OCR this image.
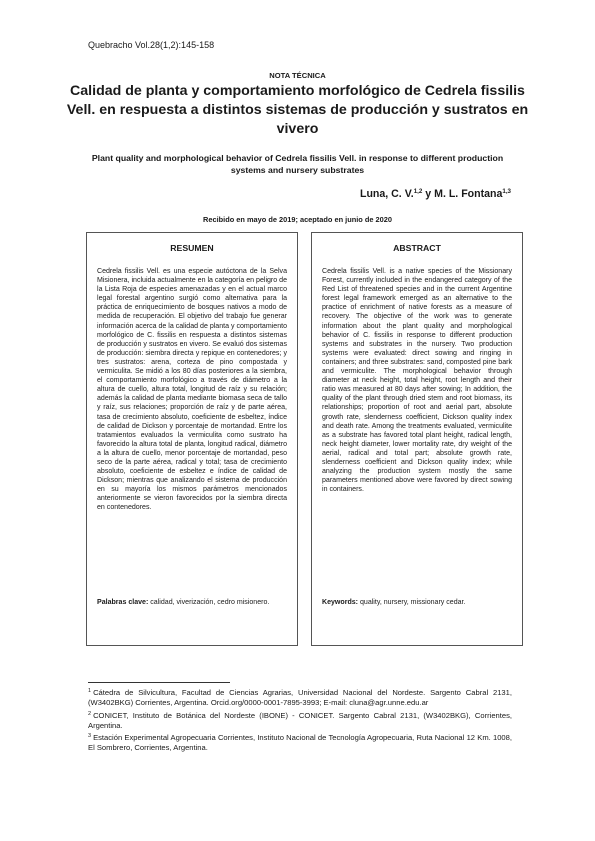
Quebracho Vol.28(1,2):145-158
NOTA TÉCNICA
Calidad de planta y comportamiento morfológico de Cedrela fissilis Vell. en respuesta a distintos sistemas de producción y sustratos en vivero
Plant quality and morphological behavior of Cedrela fissilis Vell. in response to different production systems and nursery substrates
Luna, C. V.$^{1,2}$ y M. L. Fontana$^{1,3}$
Recibido en mayo de 2019; aceptado en junio de 2020
RESUMEN

Cedrela fissilis Vell. es una especie autóctona de la Selva Misionera, incluida actualmente en la categoría en peligro de la Lista Roja de especies amenazadas y en el actual marco legal forestal argentino surgió como alternativa para la práctica de enriquecimiento de bosques nativos a modo de medida de recuperación. El objetivo del trabajo fue generar información acerca de la calidad de planta y comportamiento morfológico de C. fissilis en respuesta a distintos sistemas de producción y sustratos en vivero. Se evaluó dos sistemas de producción: siembra directa y repique en contenedores; y tres sustratos: arena, corteza de pino compostada y vermiculita. Se midió a los 80 días posteriores a la siembra, el comportamiento morfológico a través de diámetro a la altura de cuello, altura total, longitud de raíz y su relación; además la calidad de planta mediante biomasa seca de tallo y raíz, sus relaciones; proporción de raíz y de parte aérea, tasa de crecimiento absoluto, coeficiente de esbeltez, índice de calidad de Dickson y porcentaje de mortandad. Entre los tratamientos evaluados la vermiculita como sustrato ha favorecido la altura total de planta, longitud radical, diámetro a la altura de cuello, menor porcentaje de mortandad, peso seco de la parte aérea, radical y total; tasa de crecimiento absoluto, coeficiente de esbeltez e índice de calidad de Dickson; mientras que analizando el sistema de producción en su mayoría los mismos parámetros mencionados anteriormente se vieron favorecidos por la siembra directa en contenedores.

Palabras clave: calidad, viverización, cedro misionero.

ABSTRACT

Cedrela fissilis Vell. is a native species of the Missionary Forest, currently included in the endangered category of the Red List of threatened species and in the current Argentine forest legal framework emerged as an alternative to the practice of enrichment of native forests as a measure of recovery. The objective of the work was to generate information about the plant quality and morphological behavior of C. fissilis in response to different production systems and substrates in the nursery. Two production systems were evaluated: direct sowing and ringing in containers; and three substrates: sand, composted pine bark and vermiculite. The morphological behavior through diameter at neck height, total height, root length and their ratio was measured at 80 days after sowing; In addition, the quality of the plant through dried stem and root biomass, its relationships; proportion of root and aerial part, absolute growth rate, slenderness coefficient, Dickson quality index and death rate. Among the treatments evaluated, vermiculite as a substrate has favored total plant height, radical length, neck height diameter, lower mortality rate, dry weight of the aerial, radical and total part; absolute growth rate, slenderness coefficient and Dickson quality index; while analyzing the production system mostly the same parameters mentioned above were favored by direct sowing in containers.

Keywords: quality, nursery, missionary cedar.

$^1$ Cátedra de Silvicultura, Facultad de Ciencias Agrarias, Universidad Nacional del Nordeste. Sargento Cabral 2131, (W3402BKG) Corrientes, Argentina. Orcid.org/0000-0001-7895-3993; E-mail: cluna@agr.unne.edu.ar

$^2$ CONICET, Instituto de Botánica del Nordeste (IBONE) - CONICET. Sargento Cabral 2131, (W3402BKG), Corrientes, Argentina.

$^3$ Estación Experimental Agropecuaria Corrientes, Instituto Nacional de Tecnología Agropecuaria, Ruta Nacional 12 Km. 1008, El Sombrero, Corrientes, Argentina.
